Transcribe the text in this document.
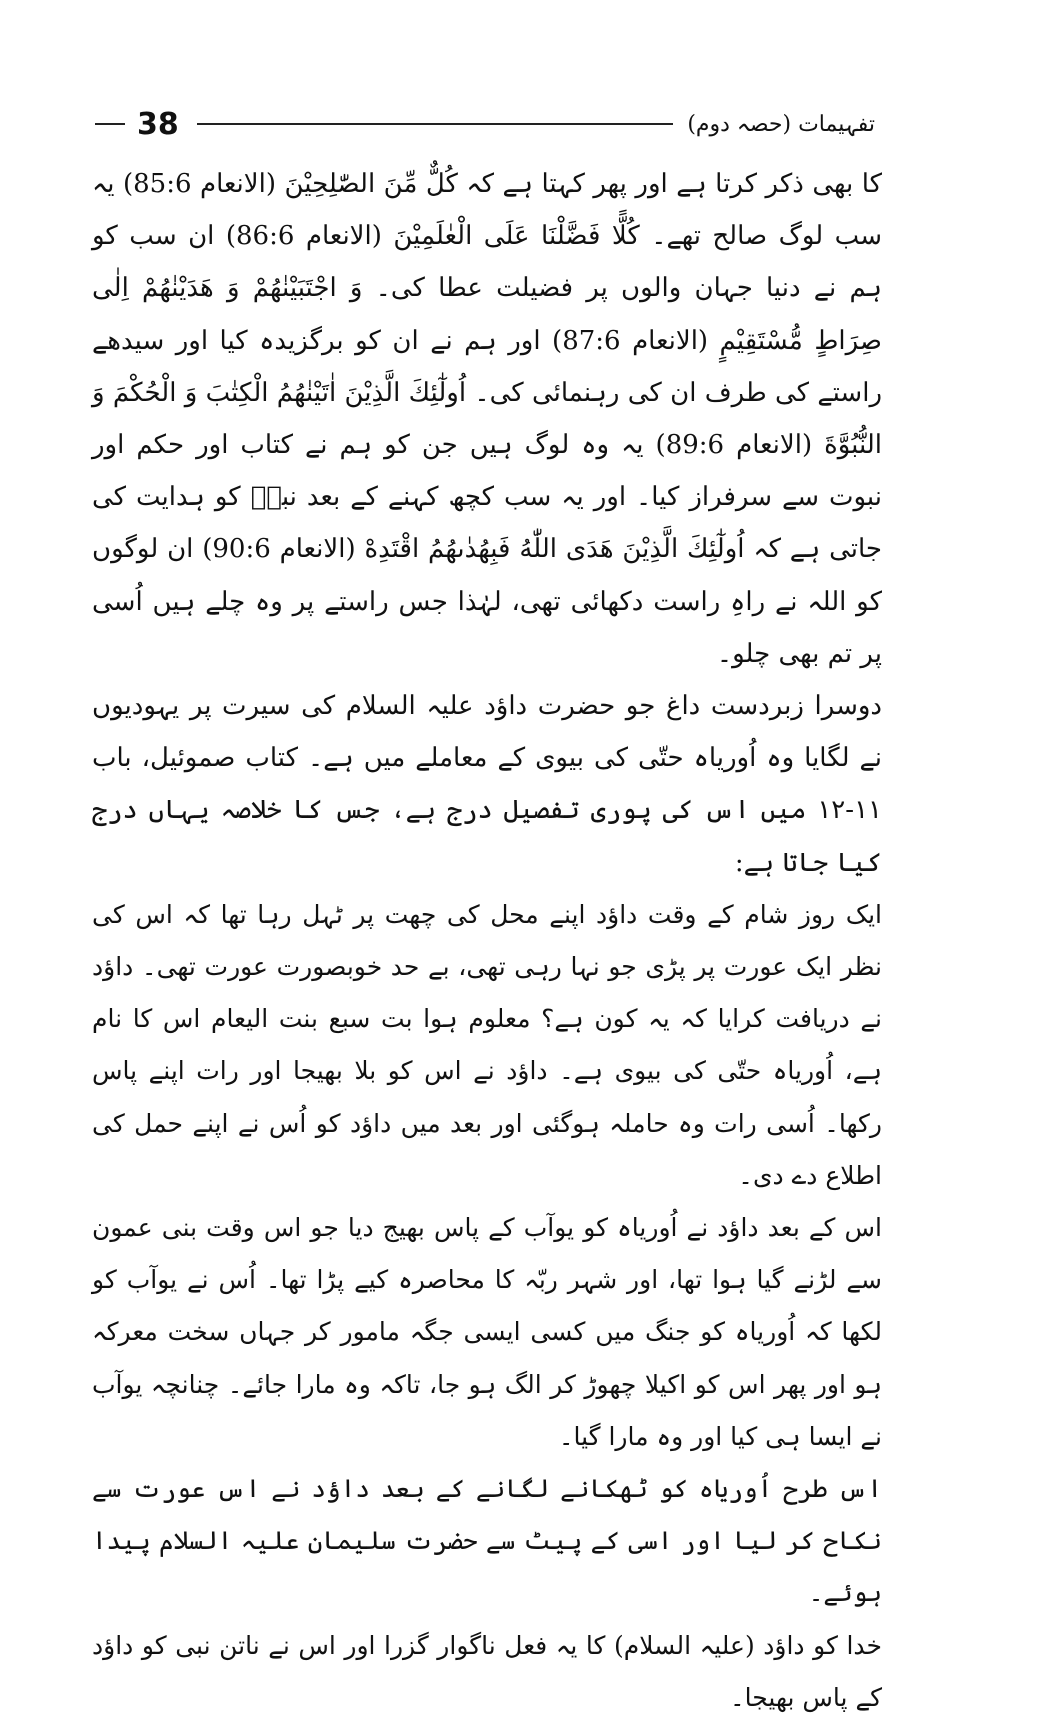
38	تفہیمات (حصہ دوم)

کا بھی ذکر کرتا ہے اور پھر کہتا ہے کہ كُلٌّ مِّنَ الصّٰلِحِيْنَ (الانعام 85:6) یہ سب لوگ صالح تھے۔ كُلًّا فَضَّلْنَا عَلَى الْعٰلَمِيْنَ (الانعام 86:6) ان سب کو ہم نے دنیا جہان والوں پر فضیلت عطا کی۔ وَ اجْتَبَيْنٰهُمْ وَ هَدَيْنٰهُمْ اِلٰى صِرَاطٍ مُّسْتَقِيْمٍ (الانعام 87:6) اور ہم نے ان کو برگزیدہ کیا اور سیدھے راستے کی طرف ان کی رہنمائی کی۔ اُولٰٓئِكَ الَّذِيْنَ اٰتَيْنٰهُمُ الْكِتٰبَ وَ الْحُكْمَ وَ النُّبُوَّةَ (الانعام 89:6) یہ وہ لوگ ہیں جن کو ہم نے کتاب اور حکم اور نبوت سے سرفراز کیا۔ اور یہ سب کچھ کہنے کے بعد نبیؐ کو ہدایت کی جاتی ہے کہ اُولٰٓئِكَ الَّذِيْنَ هَدَى اللّٰهُ فَبِهُدٰىهُمُ اقْتَدِهْ (الانعام 90:6) ان لوگوں کو اللہ نے راہِ راست دکھائی تھی، لہٰذا جس راستے پر وہ چلے ہیں اُسی پر تم بھی چلو۔

دوسرا زبردست داغ جو حضرت داؤد علیہ السلام کی سیرت پر یہودیوں نے لگایا وہ اُوریاہ حتّی کی بیوی کے معاملے میں ہے۔ کتاب صموئیل، باب ١١-١٢ میں اس کی پوری تفصیل درج ہے، جس کا خلاصہ یہاں درج کیا جاتا ہے:

ایک روز شام کے وقت داؤد اپنے محل کی چھت پر ٹہل رہا تھا کہ اس کی نظر ایک عورت پر پڑی جو نہا رہی تھی، بے حد خوبصورت عورت تھی۔ داؤد نے دریافت کرایا کہ یہ کون ہے؟ معلوم ہوا بت سبع بنت الیعام اس کا نام ہے، اُوریاہ حتّی کی بیوی ہے۔ داؤد نے اس کو بلا بھیجا اور رات اپنے پاس رکھا۔ اُسی رات وہ حاملہ ہوگئی اور بعد میں داؤد کو اُس نے اپنے حمل کی اطلاع دے دی۔

اس کے بعد داؤد نے اُوریاہ کو یوآب کے پاس بھیج دیا جو اس وقت بنی عمون سے لڑنے گیا ہوا تھا، اور شہر ربّہ کا محاصرہ کیے پڑا تھا۔ اُس نے یوآب کو لکھا کہ اُوریاہ کو جنگ میں کسی ایسی جگہ مامور کر جہاں سخت معرکہ ہو اور پھر اس کو اکیلا چھوڑ کر الگ ہو جا، تاکہ وہ مارا جائے۔ چنانچہ یوآب نے ایسا ہی کیا اور وہ مارا گیا۔

اس طرح اُوریاہ کو ٹھکانے لگانے کے بعد داؤد نے اس عورت سے نکاح کر لیا اور اسی کے پیٹ سے حضرت سلیمان علیہ السلام پیدا ہوئے۔

خدا کو داؤد (علیہ السلام) کا یہ فعل ناگوار گزرا اور اس نے ناتن نبی کو داؤد کے پاس بھیجا۔
